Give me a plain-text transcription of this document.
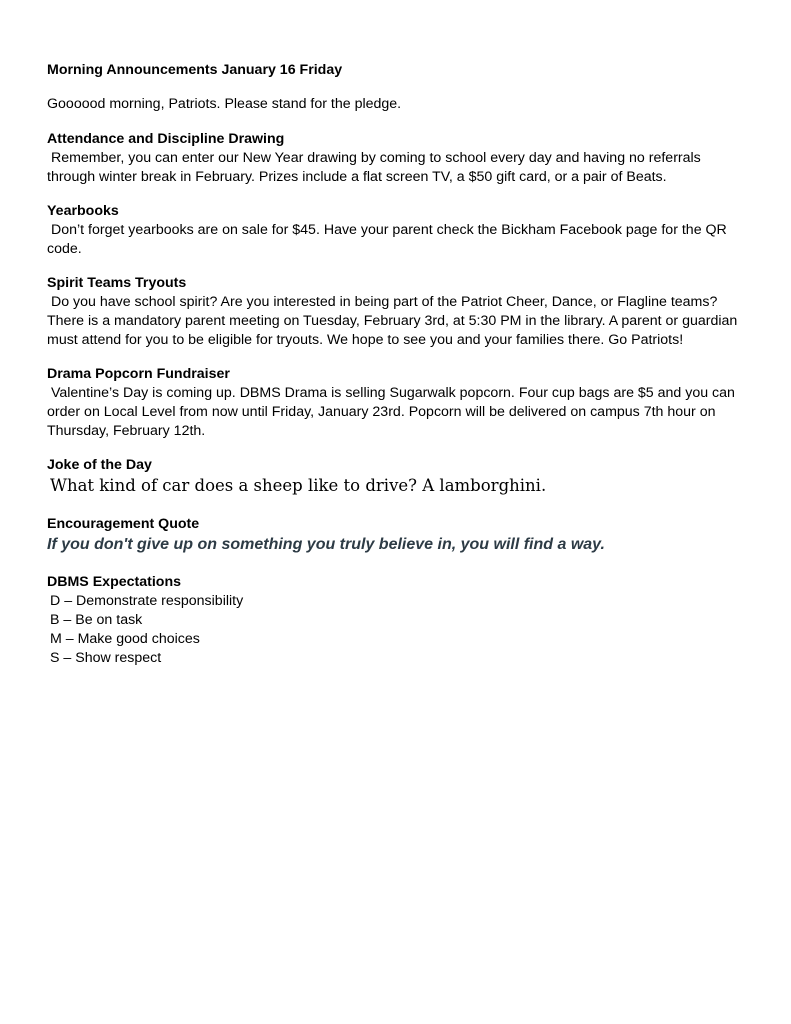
Morning Announcements January 16 Friday
Goooood morning, Patriots. Please stand for the pledge.
Attendance and Discipline Drawing
Remember, you can enter our New Year drawing by coming to school every day and having no referrals through winter break in February. Prizes include a flat screen TV, a $50 gift card, or a pair of Beats.
Yearbooks
Don’t forget yearbooks are on sale for $45. Have your parent check the Bickham Facebook page for the QR code.
Spirit Teams Tryouts
Do you have school spirit? Are you interested in being part of the Patriot Cheer, Dance, or Flagline teams? There is a mandatory parent meeting on Tuesday, February 3rd, at 5:30 PM in the library. A parent or guardian must attend for you to be eligible for tryouts. We hope to see you and your families there. Go Patriots!
Drama Popcorn Fundraiser
Valentine’s Day is coming up. DBMS Drama is selling Sugarwalk popcorn. Four cup bags are $5 and you can order on Local Level from now until Friday, January 23rd. Popcorn will be delivered on campus 7th hour on Thursday, February 12th.
Joke of the Day
What kind of car does a sheep like to drive? A lamborghini.
Encouragement Quote
If you don't give up on something you truly believe in, you will find a way.
DBMS Expectations
D – Demonstrate responsibility
B – Be on task
M – Make good choices
S – Show respect
